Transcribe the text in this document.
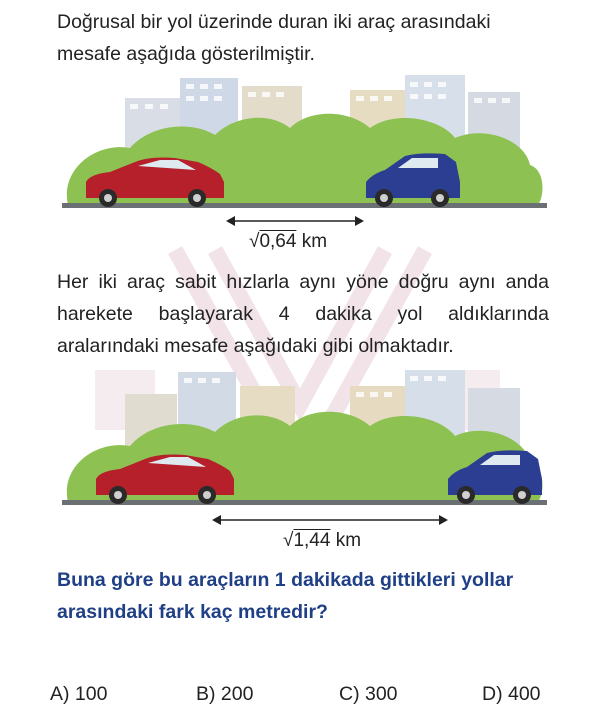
Doğrusal bir yol üzerinde duran iki araç arasındaki mesafe aşağıda gösterilmiştir.
√0,64 km
Her iki araç sabit hızlarla aynı yöne doğru aynı anda harekete başlayarak 4 dakika yol aldıklarında aralarındaki mesafe aşağıdaki gibi olmaktadır.
√1,44 km
Buna göre bu araçların 1 dakikada gittikleri yollar arasındaki fark kaç metredir?
A) 100	B) 200	C) 300	D) 400
